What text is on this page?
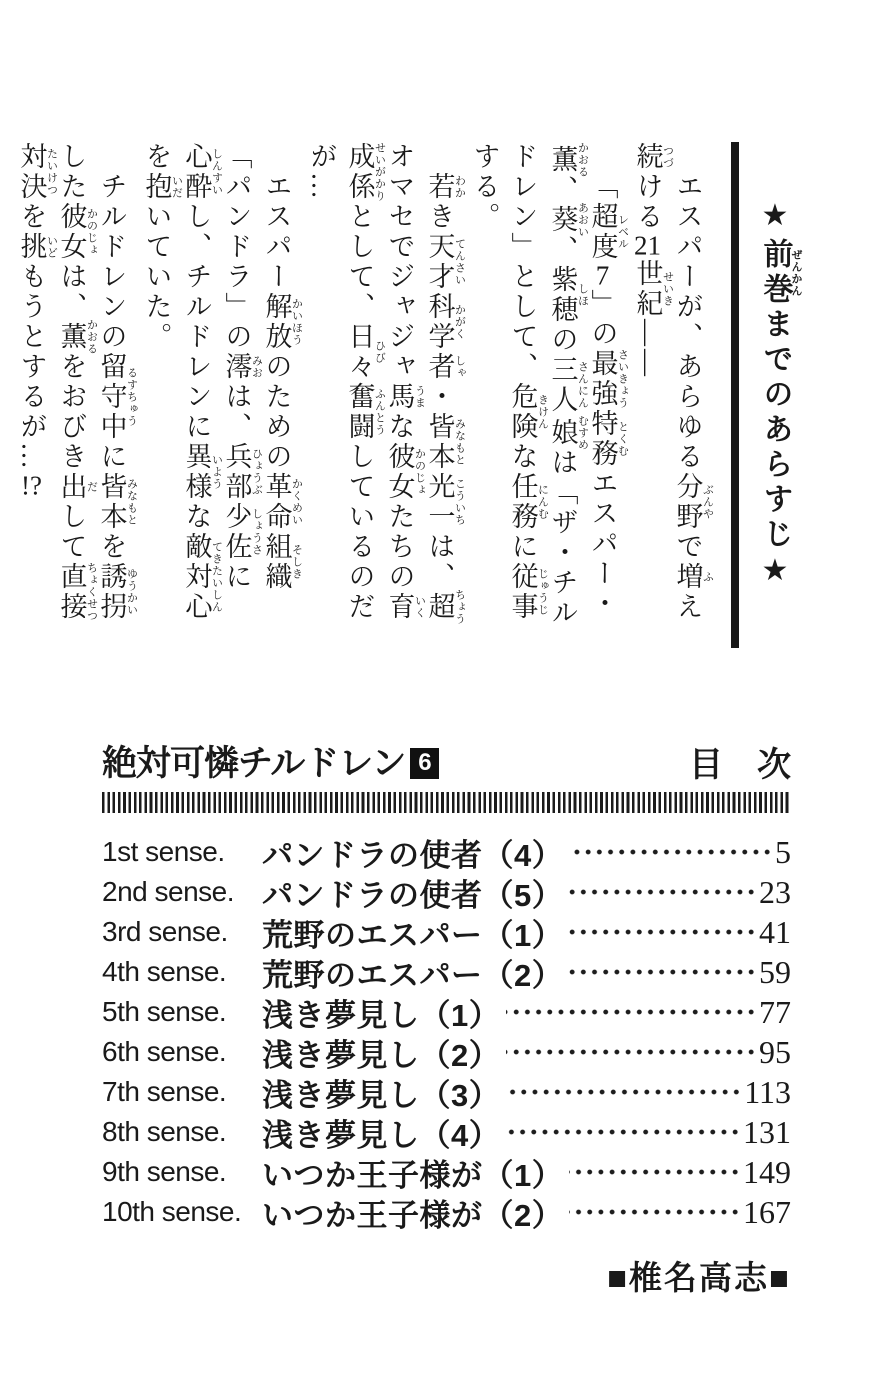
★前巻ぜんかんまでのあらすじ★

エスパーが、あらゆる分野 ぶんやで増 ふえ続 つづける21世紀 せいき――

「超度 レベル7」の最強 さいきょう特務 とくむエスパー・薫 かおる、葵 あおい、紫穂 しほの三人 さんにん娘 むすめは「ザ・チルドレン」として、危険 きけんな任務 にんむに従事 じゅうじする。

若 わかき天才 てんさい科学 かがく者 しゃ・皆本 みなもと光一 こういちは、超 ちょうオマセでジャジャ馬 うまな彼女 かのじょたちの育 いく成係 せいがかりとして、日々 ひび奮闘 ふんとうしているのだが…

エスパー解放 かいほうのための革命 かくめい組織 そしき「パンドラ」の澪 みおは、兵部 ひょうぶ少佐 しょうさに心酔 しんすいし、チルドレンに異様 いような敵対心 てきたいしんを抱 いだいていた。

チルドレンの留守中 るすちゅうに皆本 みなもとを誘拐 ゆうかいした彼女 かのじょは、薫 かおるをおびき出 だして直接 ちょくせつ対決 たいけつを挑 いどもうとするが…!?

絶対可憐チルドレン 6	目　次
1st sense.	パンドラの使者（4）	5
2nd sense. パンドラの使者（5）	23
3rd sense.	荒野のエスパー（1）	41
4th sense.	荒野のエスパー（2）	59
5th sense.	浅き夢見し（1）	77
6th sense.	浅き夢見し（2）	95
7th sense.	浅き夢見し（3）	113
8th sense.	浅き夢見し（4）	131
9th sense.	いつか王子様が（1）	149
10th sense. いつか王子様が（2）	167
■椎名高志■
